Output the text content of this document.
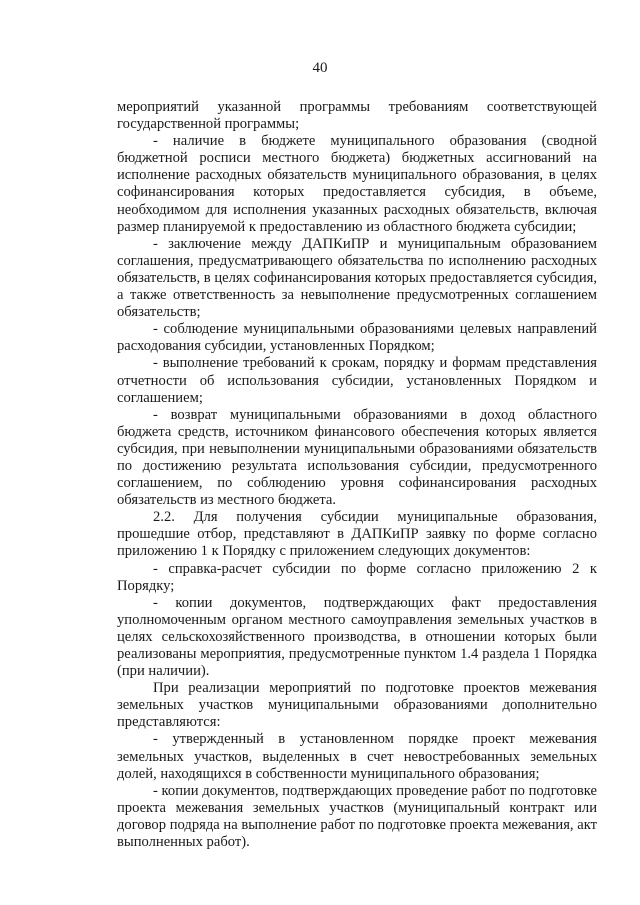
40

мероприятий указанной программы требованиям соответствующей государственной программы;

- наличие в бюджете муниципального образования (сводной бюджетной росписи местного бюджета) бюджетных ассигнований на исполнение расходных обязательств муниципального образования, в целях софинансирования которых предоставляется субсидия, в объеме, необходимом для исполнения указанных расходных обязательств, включая размер планируемой к предоставлению из областного бюджета субсидии;

- заключение между ДАПКиПР и муниципальным образованием соглашения, предусматривающего обязательства по исполнению расходных обязательств, в целях софинансирования которых предоставляется субсидия, а также ответственность за невыполнение предусмотренных соглашением обязательств;

- соблюдение муниципальными образованиями целевых направлений расходования субсидии, установленных Порядком;

- выполнение требований к срокам, порядку и формам представления отчетности об использования субсидии, установленных Порядком и соглашением;

- возврат муниципальными образованиями в доход областного бюджета средств, источником финансового обеспечения которых является субсидия, при невыполнении муниципальными образованиями обязательств по достижению результата использования субсидии, предусмотренного соглашением, по соблюдению уровня софинансирования расходных обязательств из местного бюджета.

2.2. Для получения субсидии муниципальные образования, прошедшие отбор, представляют в ДАПКиПР заявку по форме согласно приложению 1 к Порядку с приложением следующих документов:

- справка-расчет субсидии по форме согласно приложению 2 к Порядку;

- копии документов, подтверждающих факт предоставления уполномоченным органом местного самоуправления земельных участков в целях сельскохозяйственного производства, в отношении которых были реализованы мероприятия, предусмотренные пунктом 1.4 раздела 1 Порядка (при наличии).

При реализации мероприятий по подготовке проектов межевания земельных участков муниципальными образованиями дополнительно представляются:

- утвержденный в установленном порядке проект межевания земельных участков, выделенных в счет невостребованных земельных долей, находящихся в собственности муниципального образования;

- копии документов, подтверждающих проведение работ по подготовке проекта межевания земельных участков (муниципальный контракт или договор подряда на выполнение работ по подготовке проекта межевания, акт выполненных работ).
